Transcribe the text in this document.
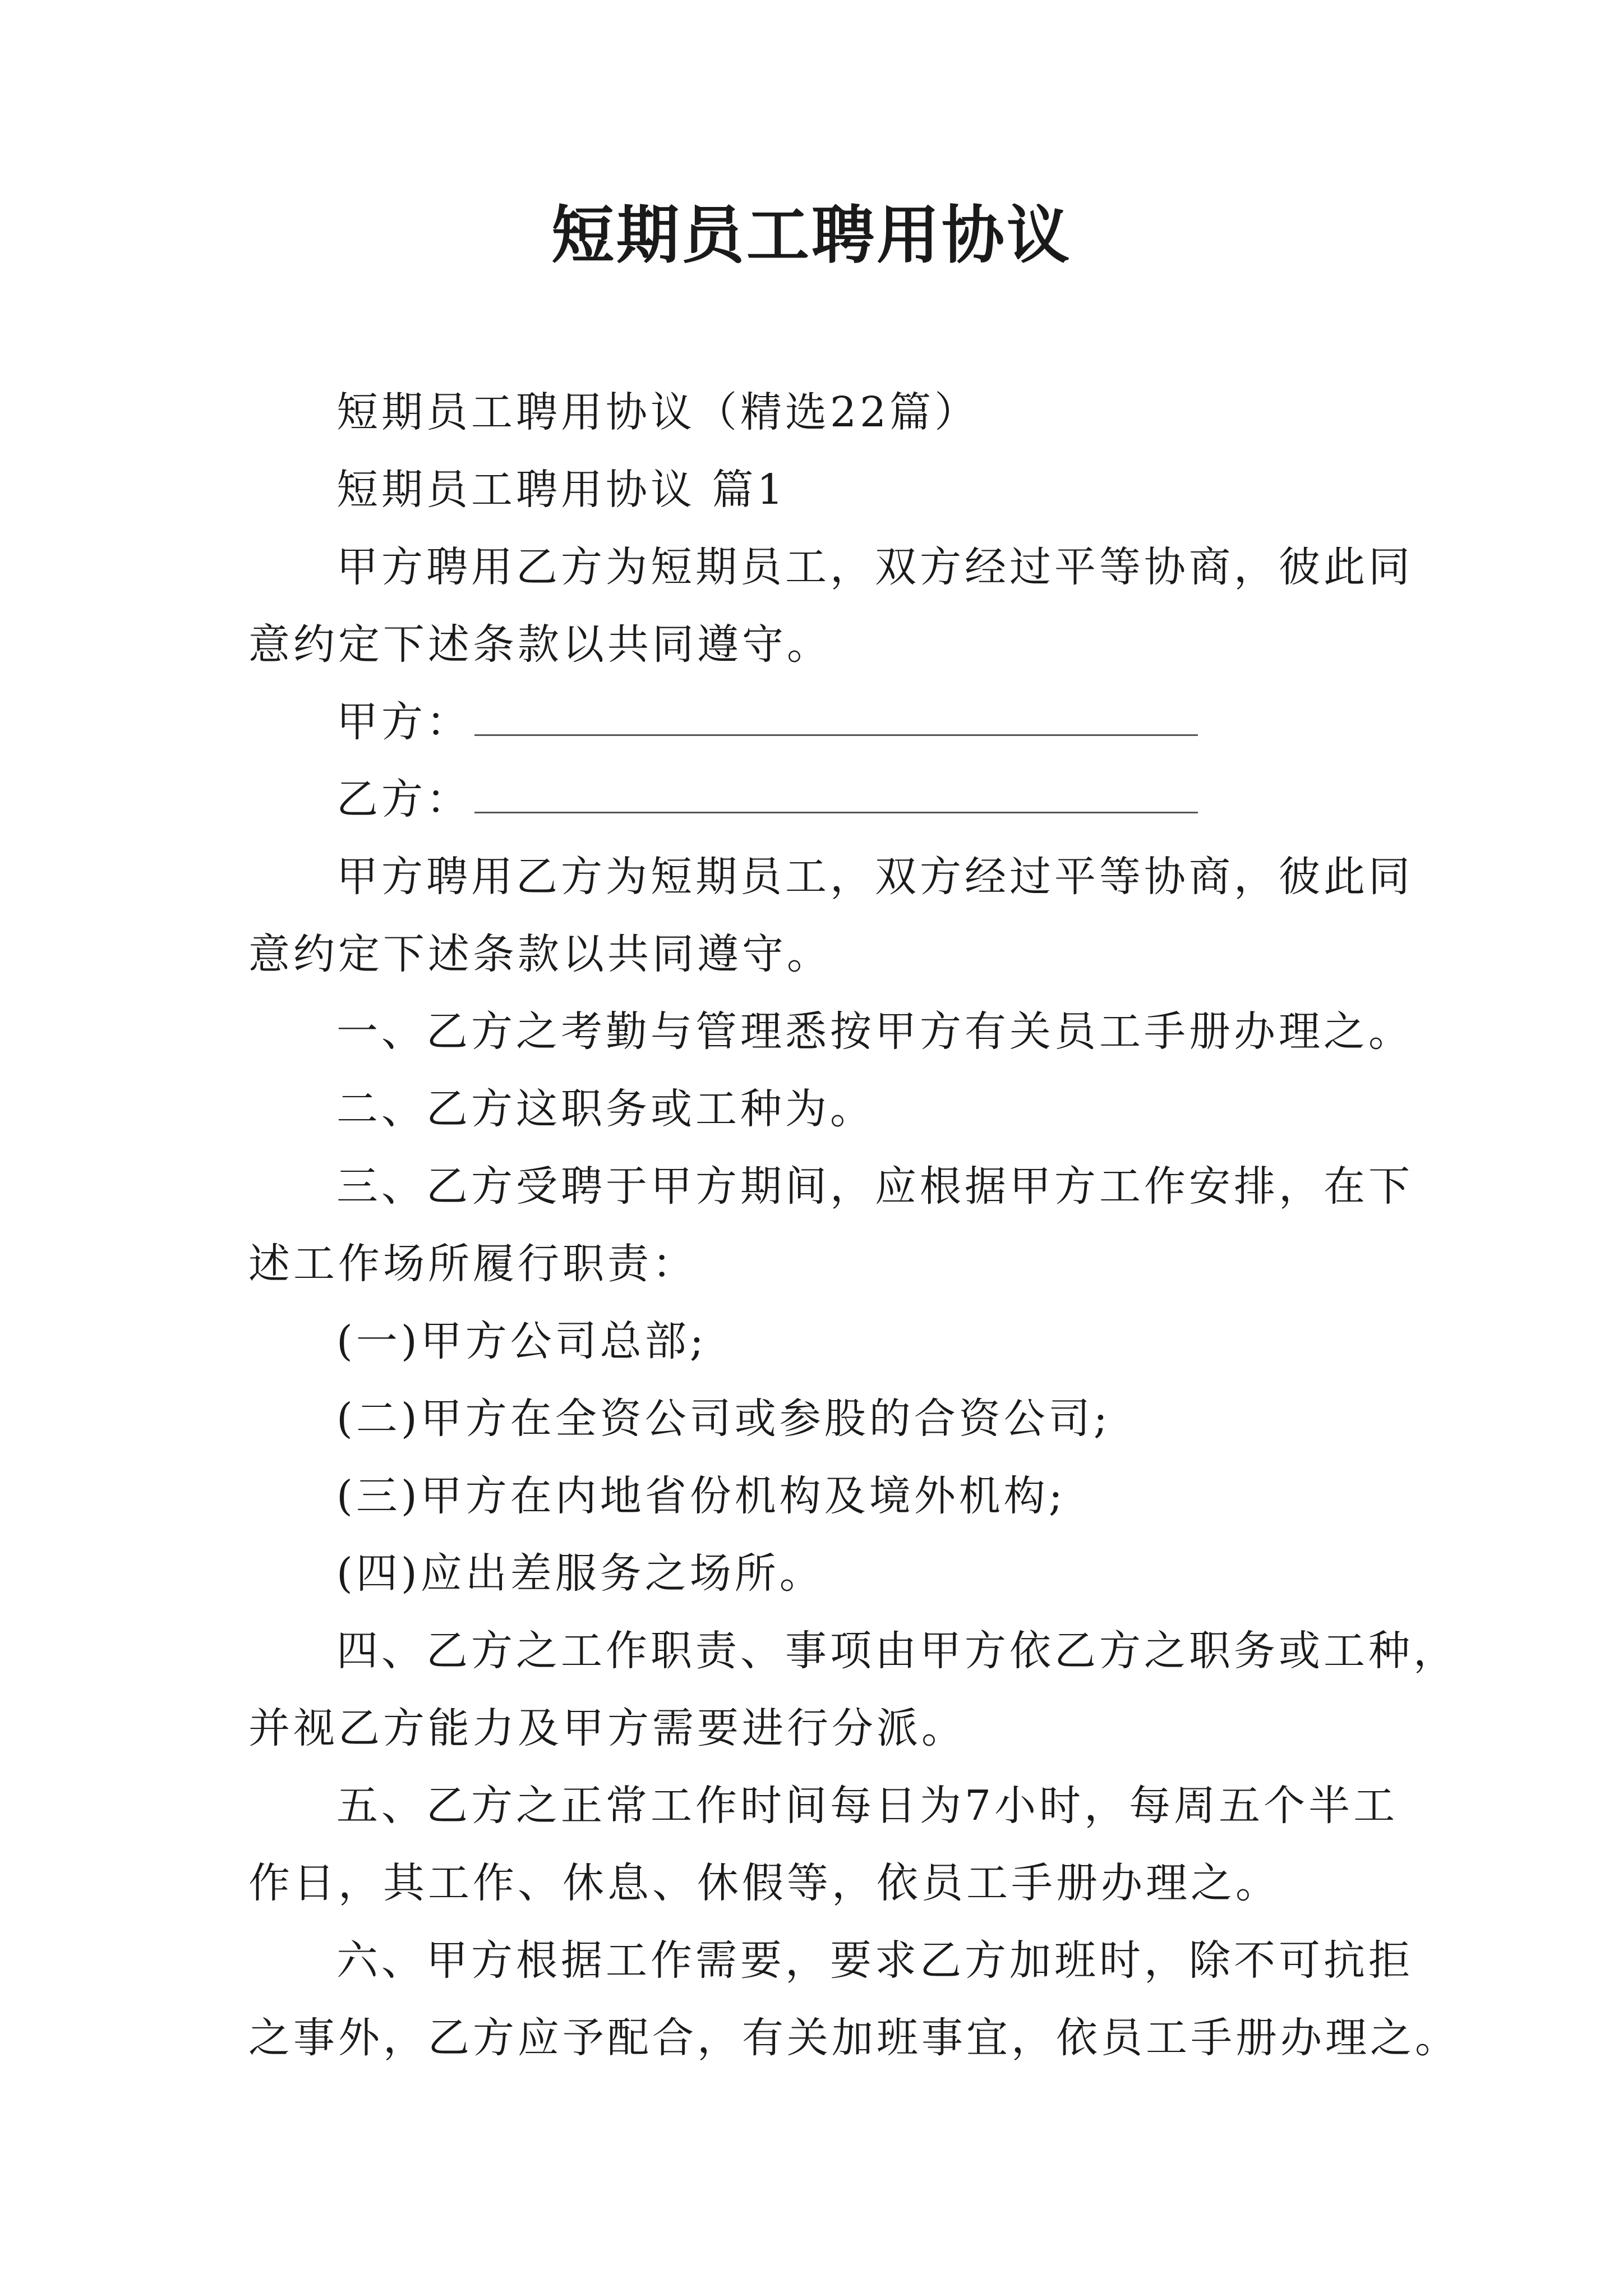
短期员工聘用协议
短期员工聘用协议（精选22篇）
短期员工聘用协议 篇1
甲方聘用乙方为短期员工，双方经过平等协商，彼此同
意约定下述条款以共同遵守。
甲方：
乙方：
甲方聘用乙方为短期员工，双方经过平等协商，彼此同
意约定下述条款以共同遵守。
一、乙方之考勤与管理悉按甲方有关员工手册办理之。
二、乙方这职务或工种为。
三、乙方受聘于甲方期间，应根据甲方工作安排，在下
述工作场所履行职责：
(一)甲方公司总部;
(二)甲方在全资公司或参股的合资公司;
(三)甲方在内地省份机构及境外机构;
(四)应出差服务之场所。
四、乙方之工作职责、事项由甲方依乙方之职务或工种，
并视乙方能力及甲方需要进行分派。
五、乙方之正常工作时间每日为7小时，每周五个半工
作日，其工作、休息、休假等，依员工手册办理之。
六、甲方根据工作需要，要求乙方加班时，除不可抗拒
之事外，乙方应予配合，有关加班事宜，依员工手册办理之。
